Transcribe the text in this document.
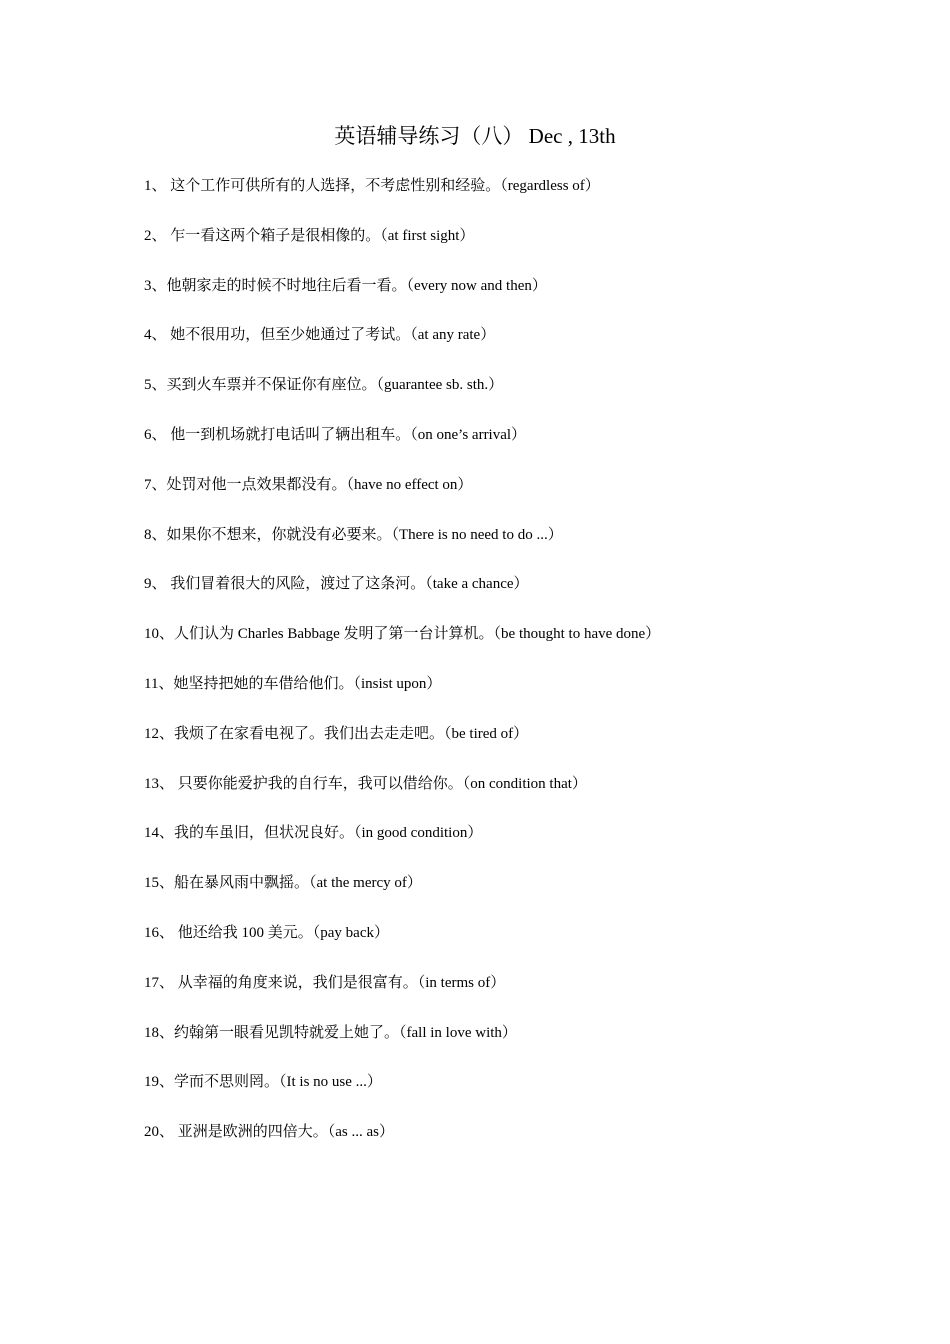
英语辅导练习（八） Dec , 13th
1、 这个工作可供所有的人选择，不考虑性别和经验。（regardless of）
2、 乍一看这两个箱子是很相像的。（at first sight）
3、他朝家走的时候不时地往后看一看。（every now and then）
4、 她不很用功，但至少她通过了考试。（at any rate）
5、买到火车票并不保证你有座位。（guarantee sb. sth.）
6、 他一到机场就打电话叫了辆出租车。（on one’s arrival）
7、处罚对他一点效果都没有。（have no effect on）
8、如果你不想来，你就没有必要来。（There is no need to do ...）
9、 我们冒着很大的风险，渡过了这条河。（take a chance）
10、人们认为 Charles Babbage 发明了第一台计算机。（be thought to have done）
11、她坚持把她的车借给他们。（insist upon）
12、我烦了在家看电视了。我们出去走走吧。（be tired of）
13、 只要你能爱护我的自行车，我可以借给你。（on condition that）
14、我的车虽旧，但状况良好。（in good condition）
15、船在暴风雨中飘摇。（at the mercy of）
16、 他还给我 100 美元。（pay back）
17、 从幸福的角度来说，我们是很富有。（in terms of）
18、约翰第一眼看见凯特就爱上她了。（fall in love with）
19、学而不思则罔。（It is no use ...）
20、 亚洲是欧洲的四倍大。（as ... as）
